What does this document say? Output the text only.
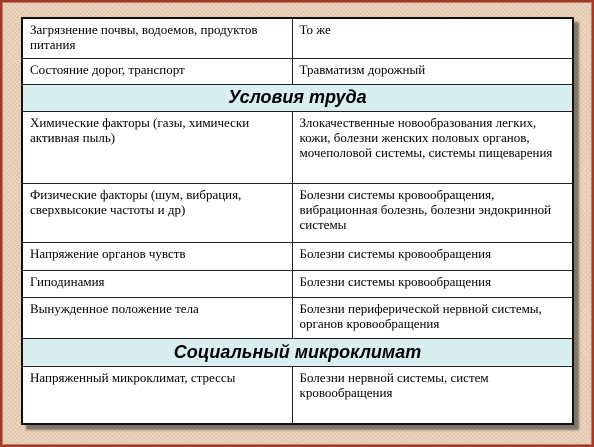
Загрязнение почвы, водоемов, продуктов питания	То же
Состояние дорог, транспорт	Травматизм дорожный
Условия труда	
Химические факторы (газы, химически активная пыль)	Злокачественные новообразования легких, кожи, болезни женских половых органов, мочеполовой системы, системы пищеварения
Физические факторы (шум, вибрация, сверхвысокие частоты и др)	Болезни системы кровообращения, вибрационная болезнь, болезни эндокринной системы
Напряжение органов чувств	Болезни системы кровообращения
Гиподинамия	Болезни системы кровообращения
Вынужденное положение тела	Болезни периферической нервной системы, органов кровообращения
Социальный микроклимат	
Напряженный микроклимат, стрессы	Болезни нервной системы, систем кровообращения
